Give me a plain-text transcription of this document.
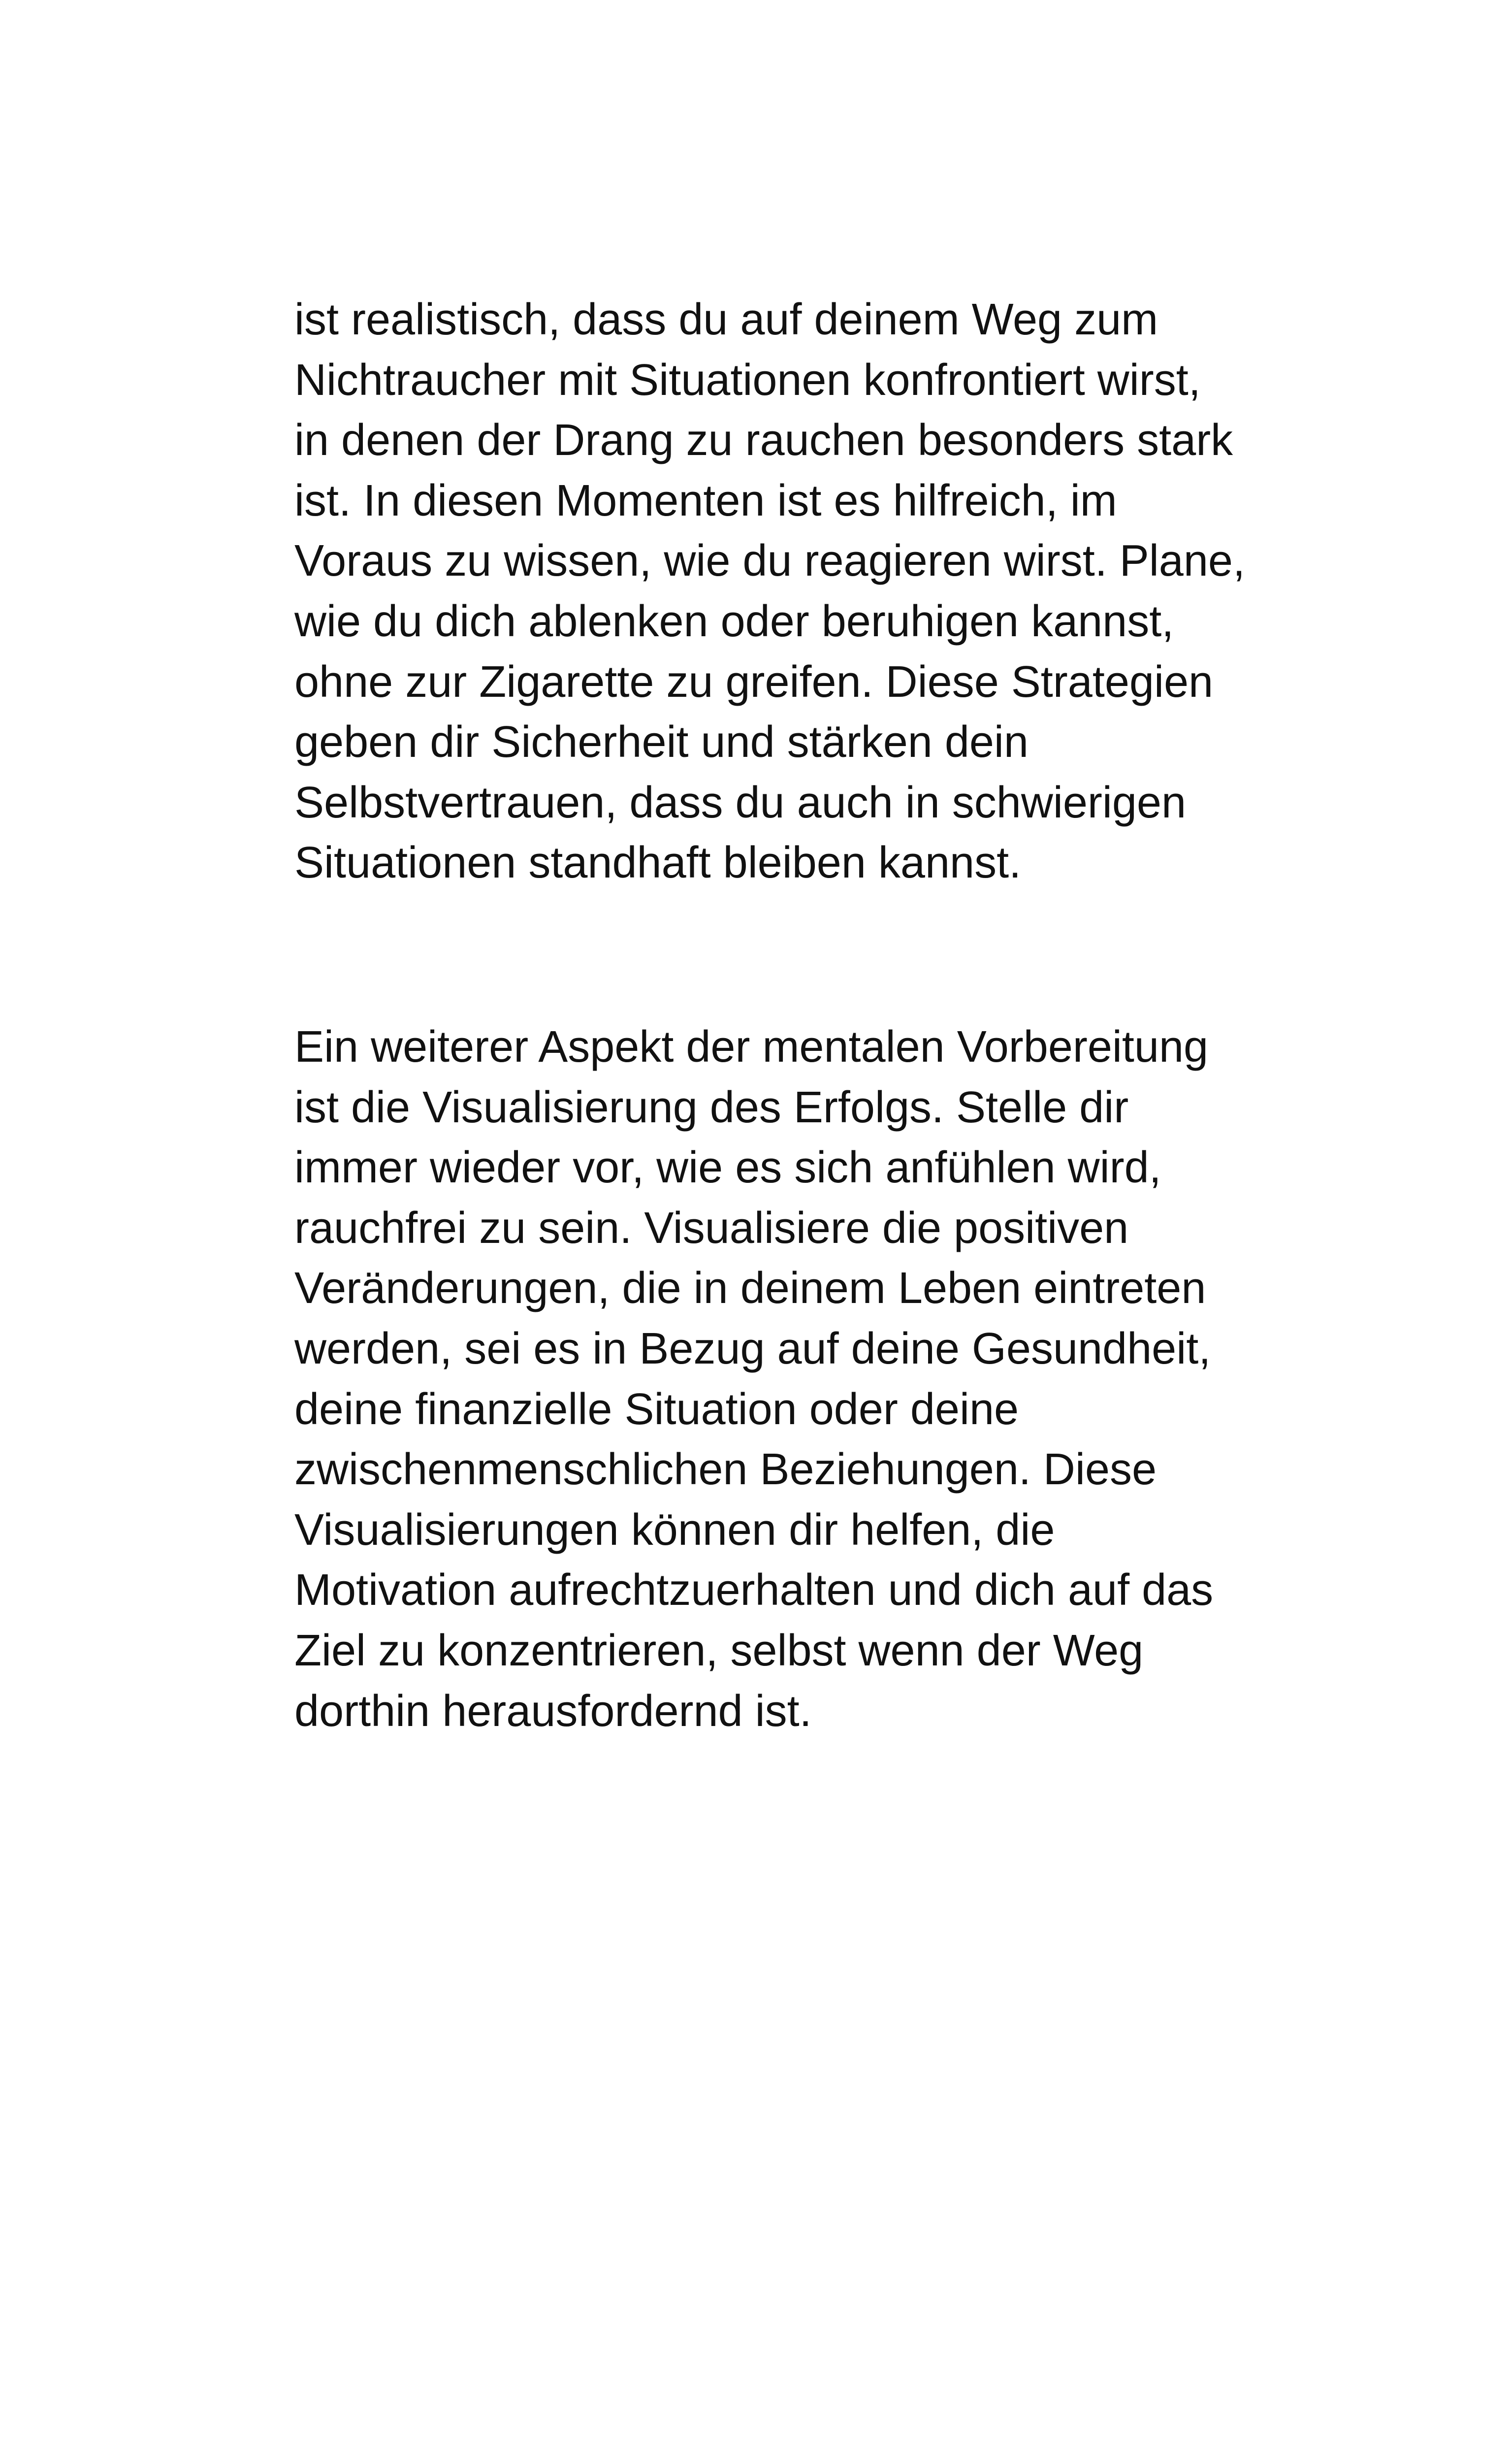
ist realistisch, dass du auf deinem Weg zum
Nichtraucher mit Situationen konfrontiert wirst,
in denen der Drang zu rauchen besonders stark
ist. In diesen Momenten ist es hilfreich, im
Voraus zu wissen, wie du reagieren wirst. Plane,
wie du dich ablenken oder beruhigen kannst,
ohne zur Zigarette zu greifen. Diese Strategien
geben dir Sicherheit und stärken dein
Selbstvertrauen, dass du auch in schwierigen
Situationen standhaft bleiben kannst.

Ein weiterer Aspekt der mentalen Vorbereitung
ist die Visualisierung des Erfolgs. Stelle dir
immer wieder vor, wie es sich anfühlen wird,
rauchfrei zu sein. Visualisiere die positiven
Veränderungen, die in deinem Leben eintreten
werden, sei es in Bezug auf deine Gesundheit,
deine finanzielle Situation oder deine
zwischenmenschlichen Beziehungen. Diese
Visualisierungen können dir helfen, die
Motivation aufrechtzuerhalten und dich auf das
Ziel zu konzentrieren, selbst wenn der Weg
dorthin herausfordernd ist.
